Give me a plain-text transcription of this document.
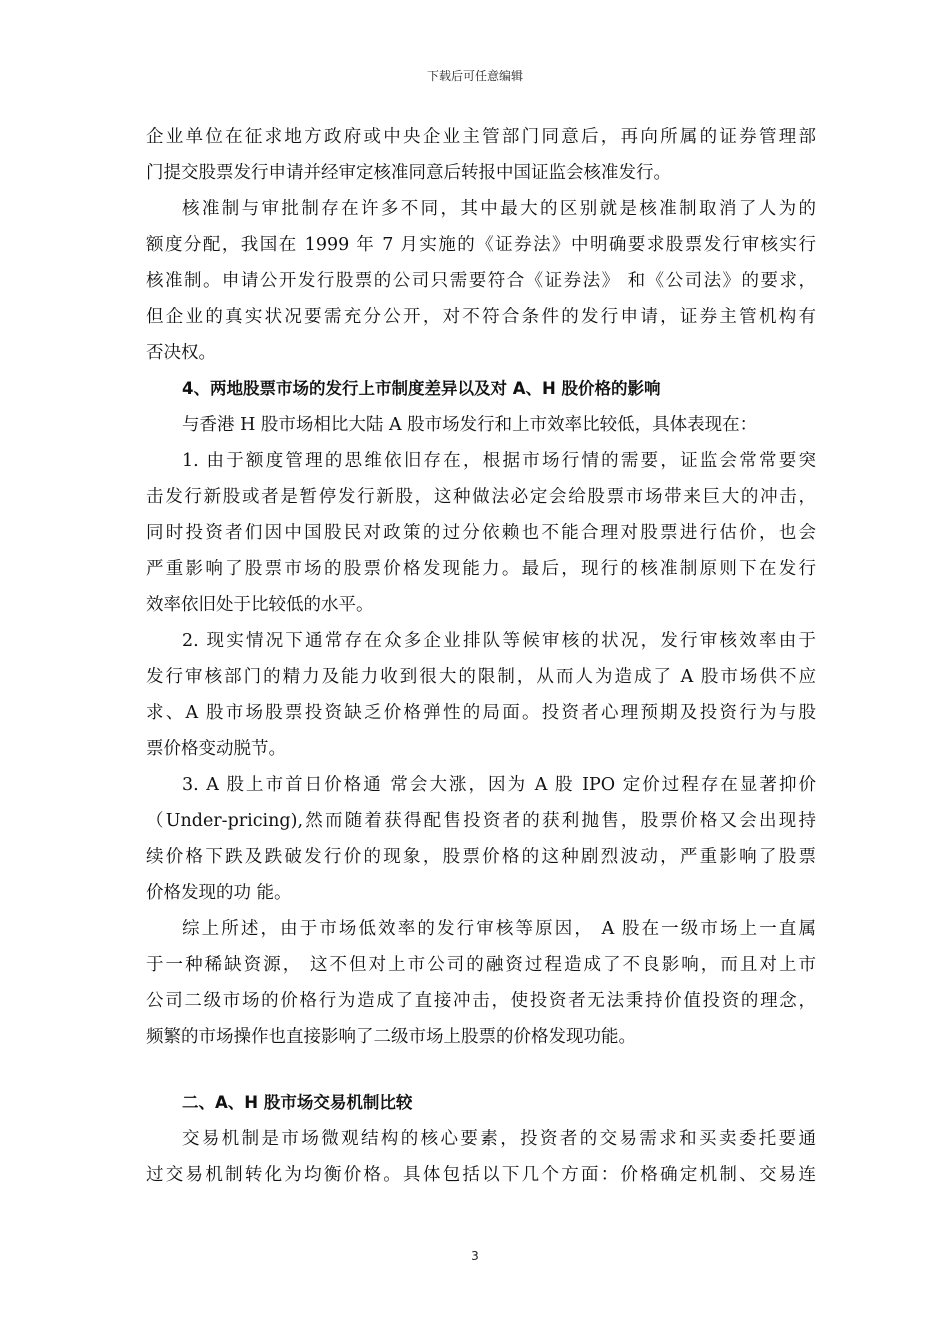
下载后可任意编辑
企业单位在征求地方政府或中央企业主管部门同意后，再向所属的证券管理部
门提交股票发行申请并经审定核准同意后转报中国证监会核准发行。
核准制与审批制存在许多不同，其中最大的区别就是核准制取消了人为的
额度分配，我国在 1999 年 7 月实施的《证券法》中明确要求股票发行审核实行
核准制。申请公开发行股票的公司只需要符合《证券法》 和《公司法》的要求，
但企业的真实状况要需充分公开，对不符合条件的发行申请，证券主管机构有
否决权。
4、两地股票市场的发行上市制度差异以及对 A、H 股价格的影响
与香港 H 股市场相比大陆 A 股市场发行和上市效率比较低，具体表现在：
1. 由于额度管理的思维依旧存在，根据市场行情的需要，证监会常常要突
击发行新股或者是暂停发行新股，这种做法必定会给股票市场带来巨大的冲击，
同时投资者们因中国股民对政策的过分依赖也不能合理对股票进行估价，也会
严重影响了股票市场的股票价格发现能力。最后，现行的核准制原则下在发行
效率依旧处于比较低的水平。
2. 现实情况下通常存在众多企业排队等候审核的状况，发行审核效率由于
发行审核部门的精力及能力收到很大的限制，从而人为造成了 A 股市场供不应
求、A 股市场股票投资缺乏价格弹性的局面。投资者心理预期及投资行为与股
票价格变动脱节。
3. A 股上市首日价格通 常会大涨，因为 A 股 IPO 定价过程存在显著抑价
（Under-pricing),然而随着获得配售投资者的获利抛售，股票价格又会出现持
续价格下跌及跌破发行价的现象，股票价格的这种剧烈波动，严重影响了股票
价格发现的功 能。
综上所述，由于市场低效率的发行审核等原因， A 股在一级市场上一直属
于一种稀缺资源， 这不但对上市公司的融资过程造成了不良影响，而且对上市
公司二级市场的价格行为造成了直接冲击，使投资者无法秉持价值投资的理念，
频繁的市场操作也直接影响了二级市场上股票的价格发现功能。
二、A、H 股市场交易机制比较
交易机制是市场微观结构的核心要素，投资者的交易需求和买卖委托要通
过交易机制转化为均衡价格。具体包括以下几个方面：价格确定机制、交易连
3
